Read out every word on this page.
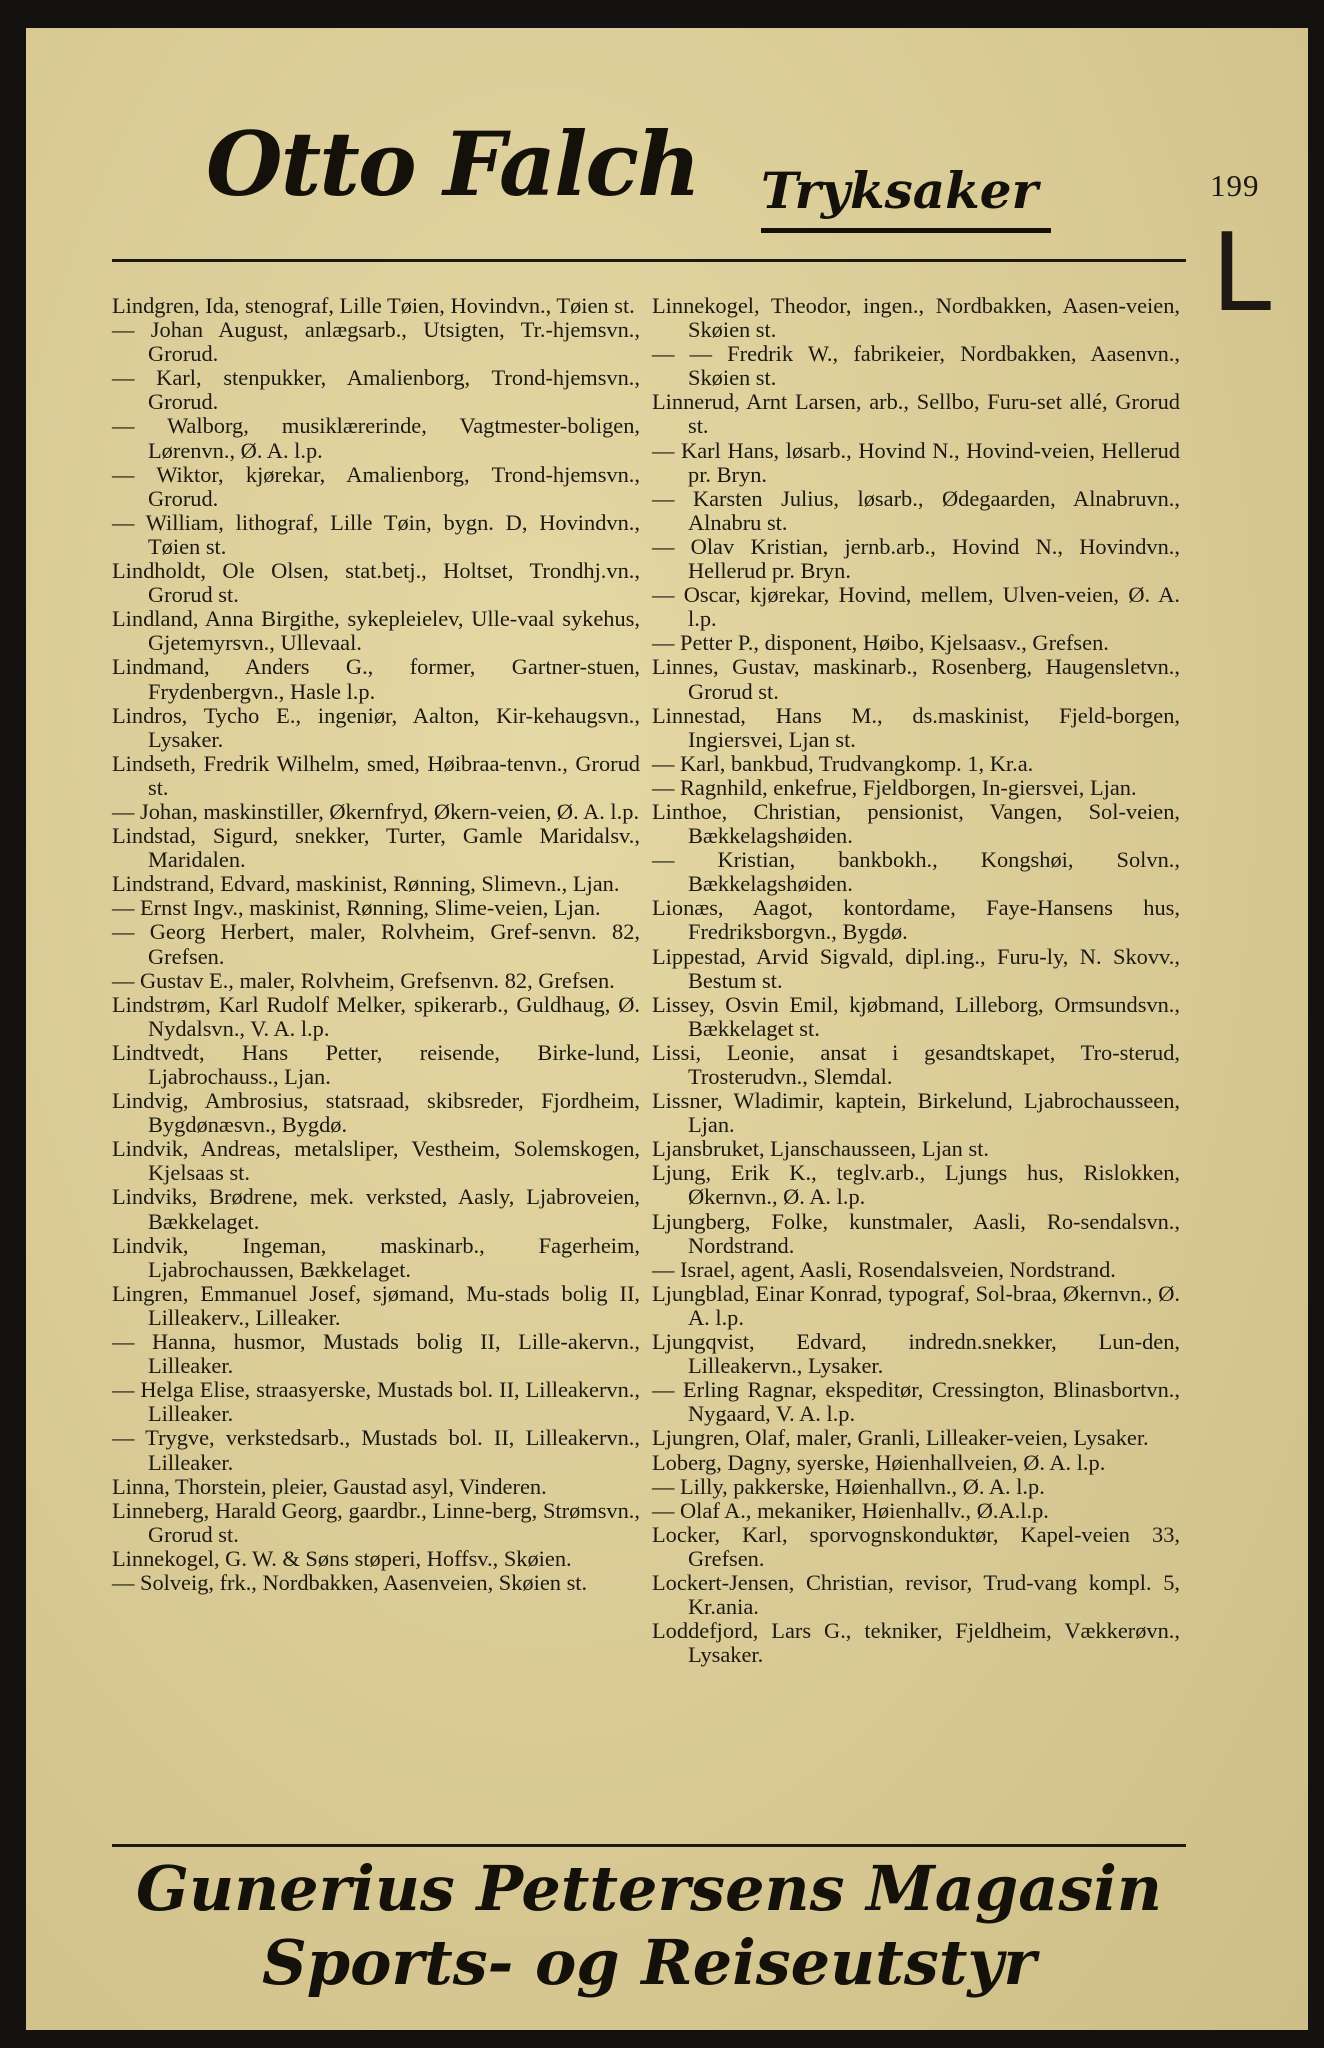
Otto Falch Tryksaker	199
L
Lindgren, Ida, stenograf, Lille Tøien, Hovindvn., Tøien st.
— Johan August, anlægsarb., Utsigten, Tr.-hjemsvn., Grorud.
— Karl, stenpukker, Amalienborg, Trond-hjemsvn., Grorud.
— Walborg, musiklærerinde, Vagtmester-boligen, Lørenvn., Ø. A. l.p.
— Wiktor, kjørekar, Amalienborg, Trond-hjemsvn., Grorud.
— William, lithograf, Lille Tøin, bygn. D, Hovindvn., Tøien st.
Lindholdt, Ole Olsen, stat.betj., Holtset, Trondhj.vn., Grorud st.
Lindland, Anna Birgithe, sykepleielev, Ulle-vaal sykehus, Gjetemyrsvn., Ullevaal.
Lindmand, Anders G., former, Gartner-stuen, Frydenbergvn., Hasle l.p.
Lindros, Tycho E., ingeniør, Aalton, Kir-kehaugsvn., Lysaker.
Lindseth, Fredrik Wilhelm, smed, Høibraa-tenvn., Grorud st.
— Johan, maskinstiller, Økernfryd, Økern-veien, Ø. A. l.p.
Lindstad, Sigurd, snekker, Turter, Gamle Maridalsv., Maridalen.
Lindstrand, Edvard, maskinist, Rønning, Slimevn., Ljan.
— Ernst Ingv., maskinist, Rønning, Slime-veien, Ljan.
— Georg Herbert, maler, Rolvheim, Gref-senvn. 82, Grefsen.
— Gustav E., maler, Rolvheim, Grefsenvn. 82, Grefsen.
Lindstrøm, Karl Rudolf Melker, spikerarb., Guldhaug, Ø. Nydalsvn., V. A. l.p.
Lindtvedt, Hans Petter, reisende, Birke-lund, Ljabrochauss., Ljan.
Lindvig, Ambrosius, statsraad, skibsreder, Fjordheim, Bygdønæsvn., Bygdø.
Lindvik, Andreas, metalsliper, Vestheim, Solemskogen, Kjelsaas st.
Lindviks, Brødrene, mek. verksted, Aasly, Ljabroveien, Bækkelaget.
Lindvik, Ingeman, maskinarb., Fagerheim, Ljabrochaussen, Bækkelaget.
Lingren, Emmanuel Josef, sjømand, Mu-stads bolig II, Lilleakerv., Lilleaker.
— Hanna, husmor, Mustads bolig II, Lille-akervn., Lilleaker.
— Helga Elise, straasyerske, Mustads bol. II, Lilleakervn., Lilleaker.
— Trygve, verkstedsarb., Mustads bol. II, Lilleakervn., Lilleaker.
Linna, Thorstein, pleier, Gaustad asyl, Vinderen.
Linneberg, Harald Georg, gaardbr., Linne-berg, Strømsvn., Grorud st.
Linnekogel, G. W. & Søns støperi, Hoffsv., Skøien.
— Solveig, frk., Nordbakken, Aasenveien, Skøien st.
Linnekogel, Theodor, ingen., Nordbakken, Aasen-veien, Skøien st.
— — Fredrik W., fabrikeier, Nordbakken, Aasenvn., Skøien st.
Linnerud, Arnt Larsen, arb., Sellbo, Furu-set allé, Grorud st.
— Karl Hans, løsarb., Hovind N., Hovind-veien, Hellerud pr. Bryn.
— Karsten Julius, løsarb., Ødegaarden, Alnabruvn., Alnabru st.
— Olav Kristian, jernb.arb., Hovind N., Hovindvn., Hellerud pr. Bryn.
— Oscar, kjørekar, Hovind, mellem, Ulven-veien, Ø. A. l.p.
— Petter P., disponent, Høibo, Kjelsaasv., Grefsen.
Linnes, Gustav, maskinarb., Rosenberg, Haugensletvn., Grorud st.
Linnestad, Hans M., ds.maskinist, Fjeld-borgen, Ingiersvei, Ljan st.
— Karl, bankbud, Trudvangkomp. 1, Kr.a.
— Ragnhild, enkefrue, Fjeldborgen, In-giersvei, Ljan.
Linthoe, Christian, pensionist, Vangen, Sol-veien, Bækkelagshøiden.
— Kristian, bankbokh., Kongshøi, Solvn., Bækkelagshøiden.
Lionæs, Aagot, kontordame, Faye-Hansens hus, Fredriksborgvn., Bygdø.
Lippestad, Arvid Sigvald, dipl.ing., Furu-ly, N. Skovv., Bestum st.
Lissey, Osvin Emil, kjøbmand, Lilleborg, Ormsundsvn., Bækkelaget st.
Lissi, Leonie, ansat i gesandtskapet, Tro-sterud, Trosterudvn., Slemdal.
Lissner, Wladimir, kaptein, Birkelund, Ljabrochausseen, Ljan.
Ljansbruket, Ljanschausseen, Ljan st.
Ljung, Erik K., teglv.arb., Ljungs hus, Rislokken, Økernvn., Ø. A. l.p.
Ljungberg, Folke, kunstmaler, Aasli, Ro-sendalsvn., Nordstrand.
— Israel, agent, Aasli, Rosendalsveien, Nordstrand.
Ljungblad, Einar Konrad, typograf, Sol-braa, Økernvn., Ø. A. l.p.
Ljungqvist, Edvard, indredn.snekker, Lun-den, Lilleakervn., Lysaker.
— Erling Ragnar, ekspeditør, Cressington, Blinasbortvn., Nygaard, V. A. l.p.
Ljungren, Olaf, maler, Granli, Lilleaker-veien, Lysaker.
Loberg, Dagny, syerske, Høienhallveien, Ø. A. l.p.
— Lilly, pakkerske, Høienhallvn., Ø. A. l.p.
— Olaf A., mekaniker, Høienhallv., Ø.A.l.p.
Locker, Karl, sporvognskonduktør, Kapel-veien 33, Grefsen.
Lockert-Jensen, Christian, revisor, Trud-vang kompl. 5, Kr.ania.
Loddefjord, Lars G., tekniker, Fjeldheim, Vækkerøvn., Lysaker.
Gunerius Pettersens Magasin
Sports- og Reiseutstyr
